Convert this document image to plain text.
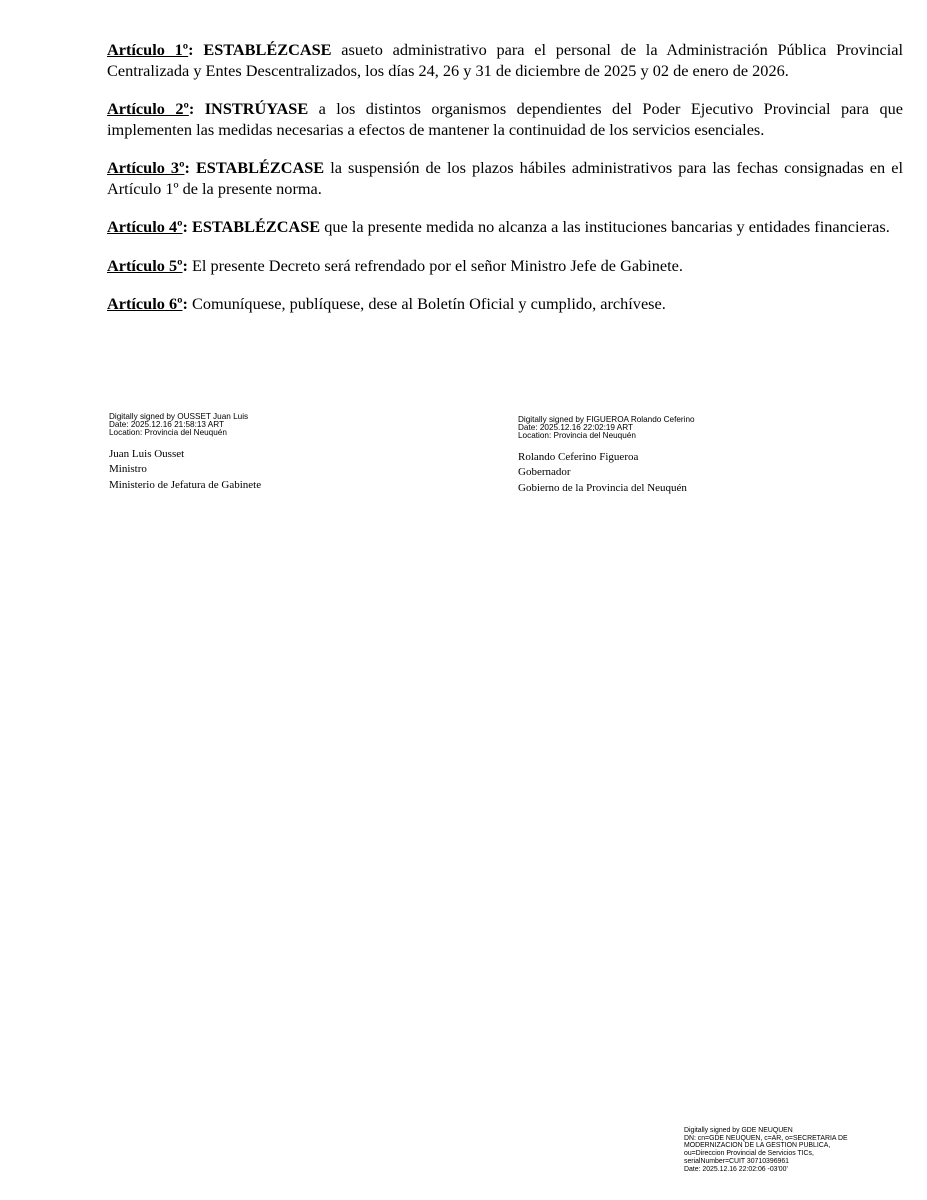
Artículo 1º: ESTABLÉZCASE asueto administrativo para el personal de la Administración Pública Provincial Centralizada y Entes Descentralizados, los días 24, 26 y 31 de diciembre de 2025 y 02 de enero de 2026.

Artículo 2º: INSTRÚYASE a los distintos organismos dependientes del Poder Ejecutivo Provincial para que implementen las medidas necesarias a efectos de mantener la continuidad de los servicios esenciales.

Artículo 3º: ESTABLÉZCASE la suspensión de los plazos hábiles administrativos para las fechas consignadas en el Artículo 1º de la presente norma.

Artículo 4º: ESTABLÉZCASE que la presente medida no alcanza a las instituciones bancarias y entidades financieras.

Artículo 5º: El presente Decreto será refrendado por el señor Ministro Jefe de Gabinete.

Artículo 6º: Comuníquese, publíquese, dese al Boletín Oficial y cumplido, archívese.

Digitally signed by OUSSET Juan Luis
Date: 2025.12.16 21:58:13 ART
Location: Provincia del Neuquén
Juan Luis Ousset
Ministro
Ministerio de Jefatura de Gabinete
Digitally signed by FIGUEROA Rolando Ceferino
Date: 2025.12.16 22:02:19 ART
Location: Provincia del Neuquén
Rolando Ceferino Figueroa
Gobernador
Gobierno de la Provincia del Neuquén
Digitally signed by GDE NEUQUEN
DN: cn=GDE NEUQUEN, c=AR, o=SECRETARIA DE
MODERNIZACION DE LA GESTION PUBLICA,
ou=Direccion Provincial de Servicios TICs,
serialNumber=CUIT 30710396961
Date: 2025.12.16 22:02:06 -03'00'
